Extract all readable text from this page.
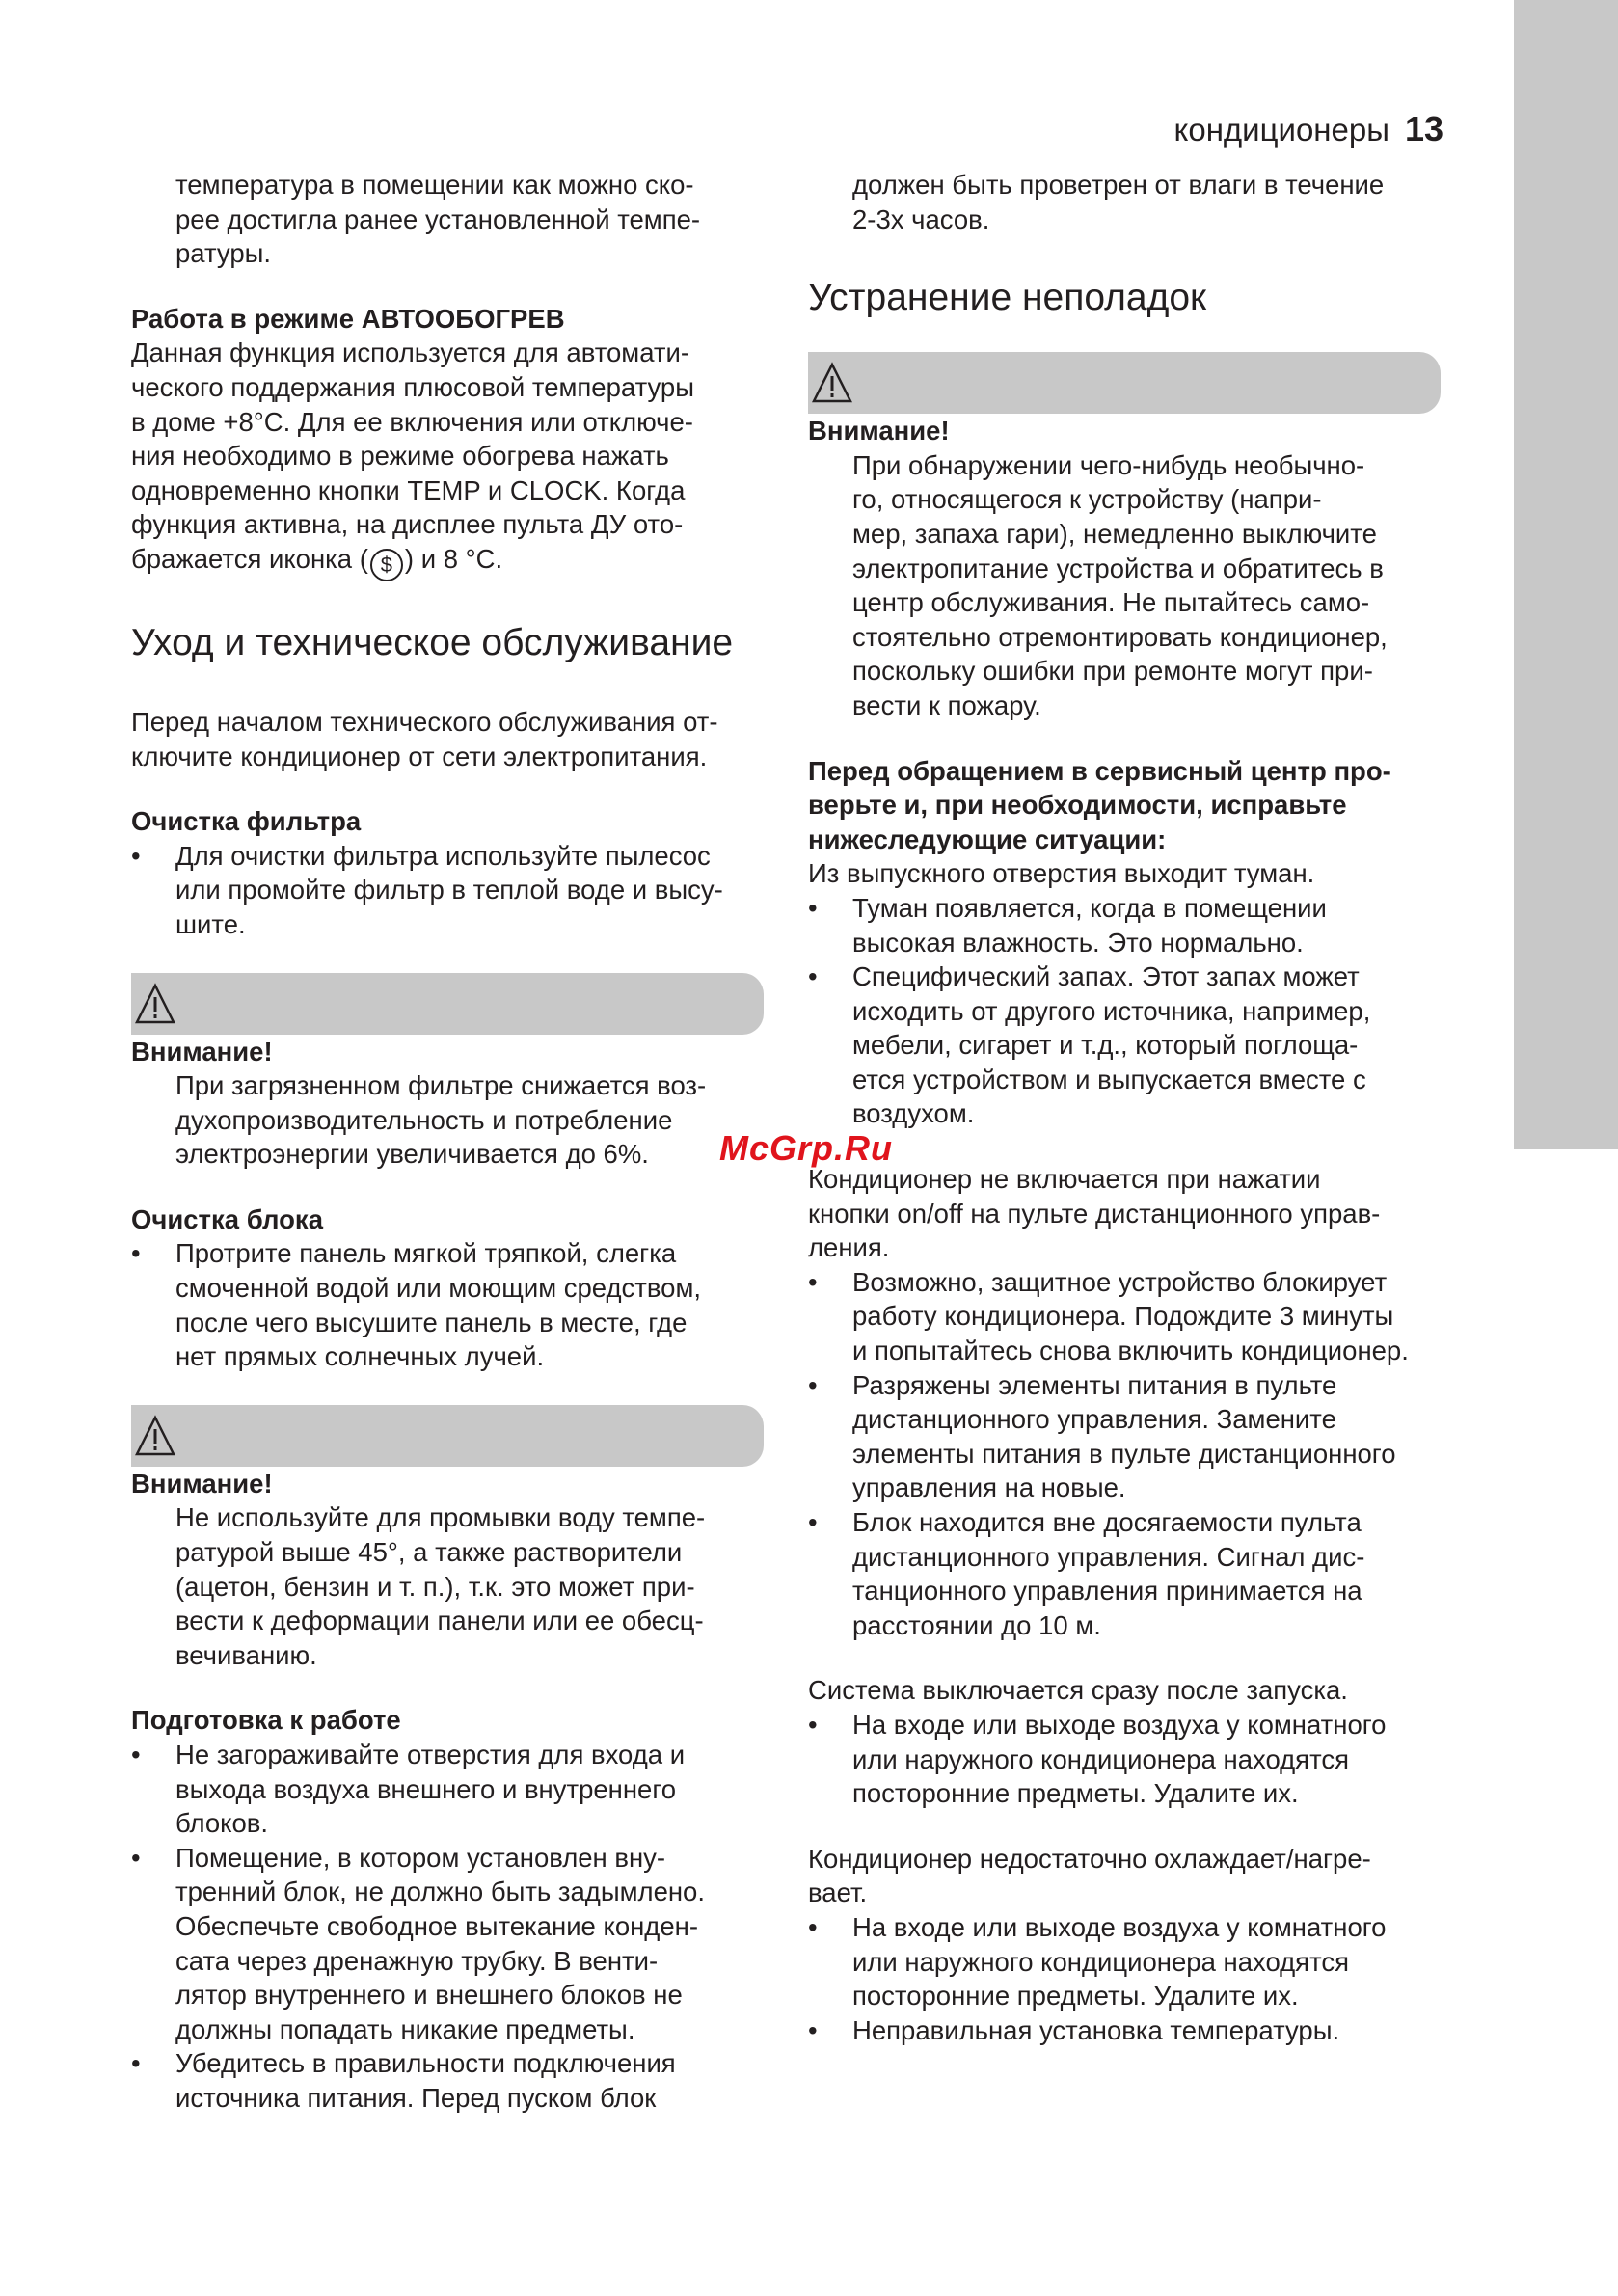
кондиционеры 13

температура в помещении как можно ско-

рее достигла ранее установленной темпе-

ратуры.

Работа в режиме АВТООБОГРЕВ

Данная функция используется для автомати-

ческого поддержания плюсовой температуры

в доме +8°С. Для ее включения или отключе-

ния необходимо в режиме обогрева нажать

одновременно кнопки TEMP и CLOCK. Когда

функция активна, на дисплее пульта ДУ ото-

бражается иконка ( $ ) и 8 °С.

Уход и техническое обслуживание

Перед началом технического обслуживания от-

ключите кондиционер от сети электропитания.

Очистка фильтра

• Для очистки фильтра используйте пылесос

или промойте фильтр в теплой воде и высу-

шите.

Внимание!

При загрязненном фильтре снижается воз-

духопроизводительность и потребление

электроэнергии увеличивается до 6%.

Очистка блока

• Протрите панель мягкой тряпкой, слегка

смоченной водой или моющим средством,

после чего высушите панель в месте, где

нет прямых солнечных лучей.

Внимание!

Не используйте для промывки воду темпе-

ратурой выше 45°, а также растворители

(ацетон, бензин и т. п.), т.к. это может при-

вести к деформации панели или ее обесц-

вечиванию.

Подготовка к работе

• Не загораживайте отверстия для входа и

выхода воздуха внешнего и внутреннего

блоков.

• Помещение, в котором установлен вну-

тренний блок, не должно быть задымлено.

Обеспечьте свободное вытекание конден-

сата через дренажную трубку. В венти-

лятор внутреннего и внешнего блоков не

должны попадать никакие предметы.

• Убедитесь в правильности подключения

источника питания. Перед пуском блок

должен быть проветрен от влаги в течение

2-3х часов.

Устранение неполадок

Внимание!

При обнаружении чего-нибудь необычно-

го, относящегося к устройству (напри-

мер, запаха гари), немедленно выключите

электропитание устройства и обратитесь в

центр обслуживания. Не пытайтесь само-

стоятельно отремонтировать кондиционер,

поскольку ошибки при ремонте могут при-

вести к пожару.

Перед обращением в сервисный центр про-

верьте и, при необходимости, исправьте

нижеследующие ситуации:

Из выпускного отверстия выходит туман.

• Туман появляется, когда в помещении

высокая влажность. Это нормально.

• Специфический запах. Этот запах может

исходить от другого источника, например,

мебели, сигарет и т.д., который поглоща-

ется устройством и выпускается вместе с

воздухом.

Кондиционер не включается при нажатии

кнопки on/off на пульте дистанционного управ-

ления.

• Возможно, защитное устройство блокирует

работу кондиционера. Подождите 3 минуты

и попытайтесь снова включить кондиционер.

• Разряжены элементы питания в пульте

дистанционного управления. Замените

элементы питания в пульте дистанционного

управления на новые.

• Блок находится вне досягаемости пульта

дистанционного управления. Сигнал дис-

танционного управления принимается на

расстоянии до 10 м.

Система выключается сразу после запуска.

• На входе или выходе воздуха у комнатного

или наружного кондиционера находятся

посторонние предметы. Удалите их.

Кондиционер недостаточно охлаждает/нагре-

вает.

• На входе или выходе воздуха у комнатного

или наружного кондиционера находятся

посторонние предметы. Удалите их.

• Неправильная установка температуры.

McGrp.Ru
